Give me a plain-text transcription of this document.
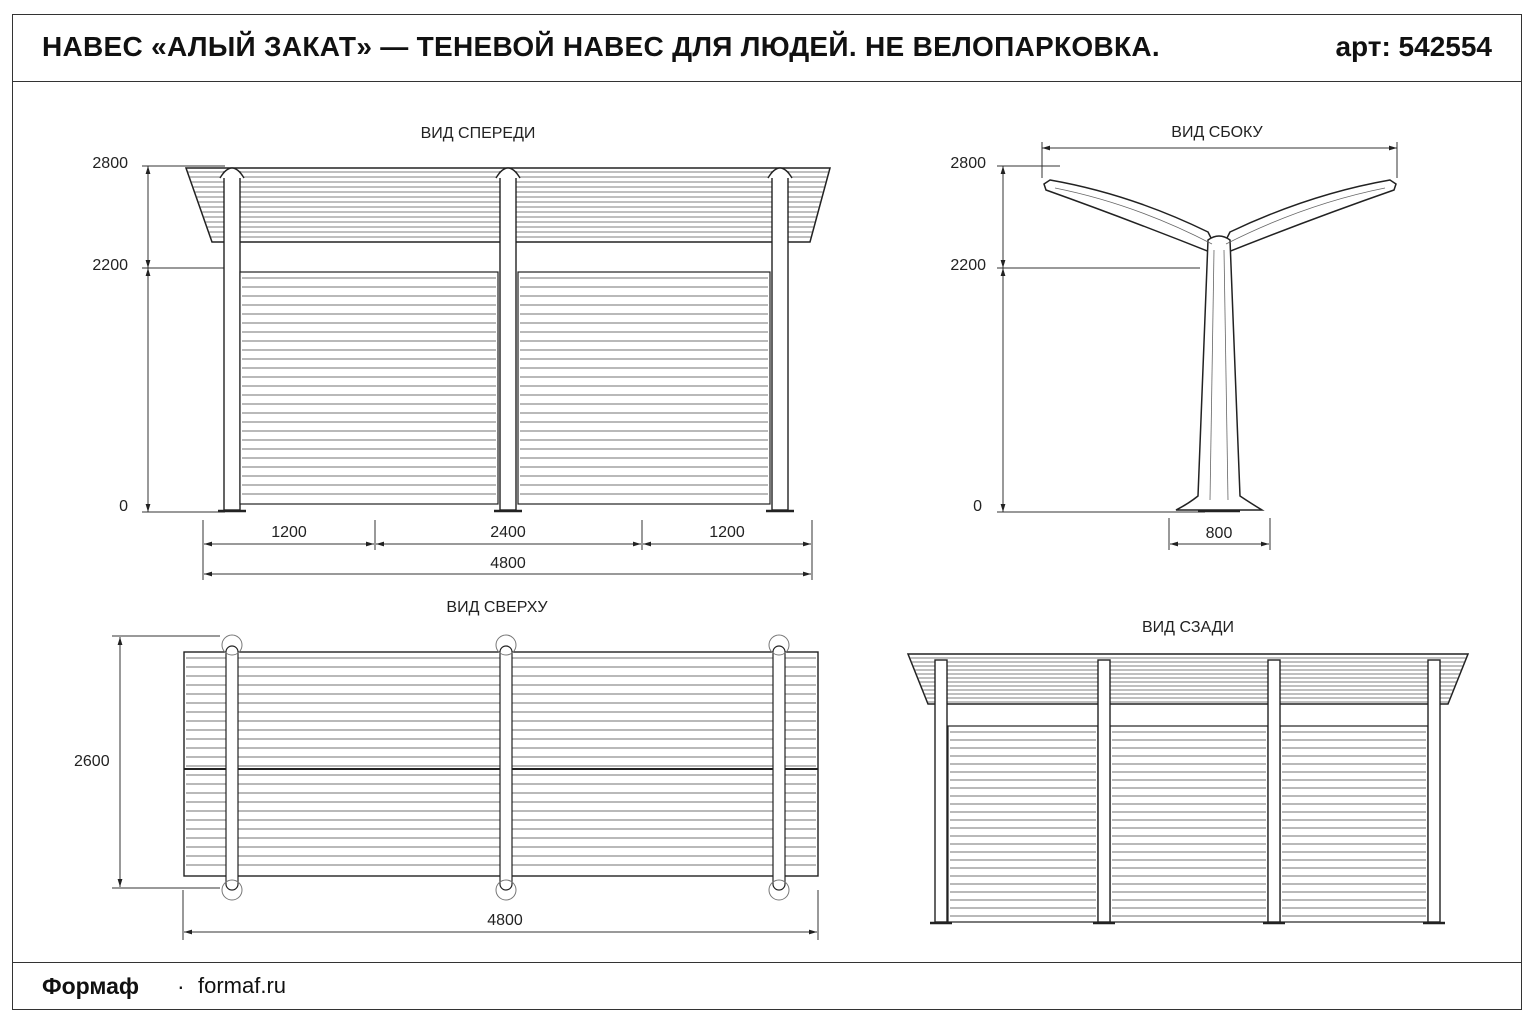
НАВЕС «АЛЫЙ ЗАКАТ» — ТЕНЕВОЙ НАВЕС ДЛЯ ЛЮДЕЙ. НЕ ВЕЛОПАРКОВКА.	арт: 542554
ВИД СПЕРЕДИ
2800
2200
0
1200	2400	1200
4800
ВИД СБОКУ
2800
2200
0
800
ВИД СВЕРХУ
2600
4800
ВИД СЗАДИ
Формаф · formaf.ru
